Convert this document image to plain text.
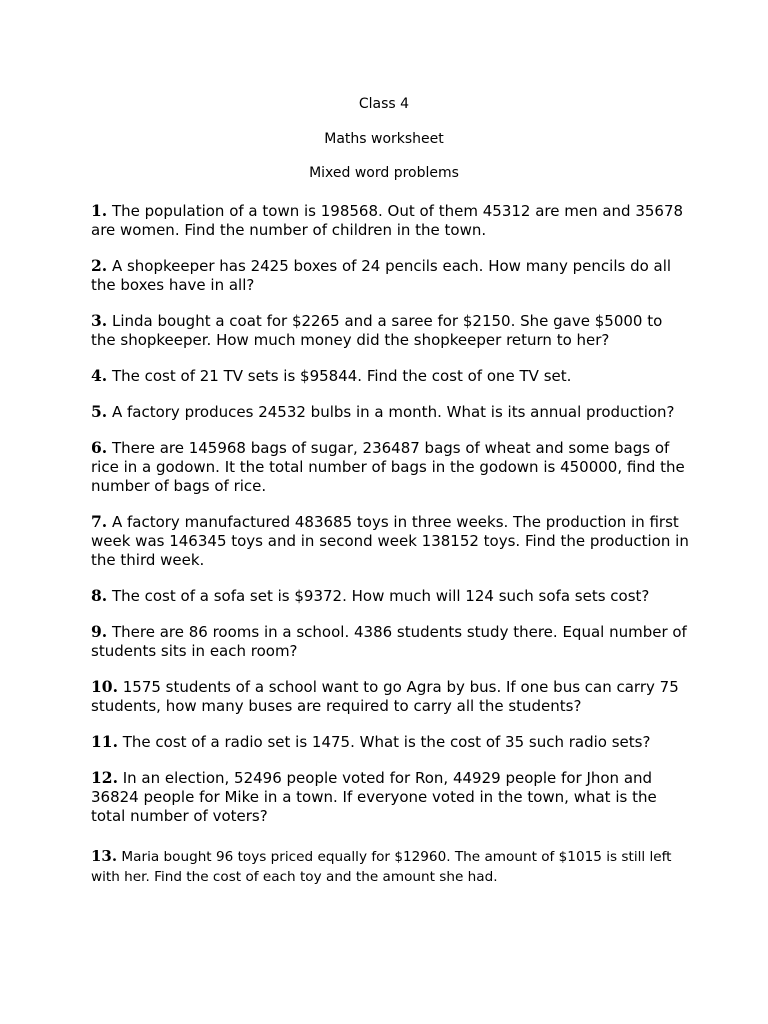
Class 4
Maths worksheet
Mixed word problems

1. The population of a town is 198568. Out of them 45312 are men and 35678 are women. Find the number of children in the town.

2. A shopkeeper has 2425 boxes of 24 pencils each. How many pencils do all the boxes have in all?

3. Linda bought a coat for $2265 and a saree for $2150. She gave $5000 to the shopkeeper. How much money did the shopkeeper return to her?

4. The cost of 21 TV sets is $95844. Find the cost of one TV set.

5. A factory produces 24532 bulbs in a month. What is its annual production?

6. There are 145968 bags of sugar, 236487 bags of wheat and some bags of rice in a godown. It the total number of bags in the godown is 450000, find the number of bags of rice.

7. A factory manufactured 483685 toys in three weeks. The production in first week was 146345 toys and in second week 138152 toys. Find the production in the third week.

8. The cost of a sofa set is $9372. How much will 124 such sofa sets cost?

9. There are 86 rooms in a school. 4386 students study there. Equal number of students sits in each room?

10. 1575 students of a school want to go Agra by bus. If one bus can carry 75 students, how many buses are required to carry all the students?

11. The cost of a radio set is 1475. What is the cost of 35 such radio sets?

12. In an election, 52496 people voted for Ron, 44929 people for Jhon and 36824 people for Mike in a town. If everyone voted in the town, what is the total number of voters?

13. Maria bought 96 toys priced equally for $12960. The amount of $1015 is still left with her. Find the cost of each toy and the amount she had.
